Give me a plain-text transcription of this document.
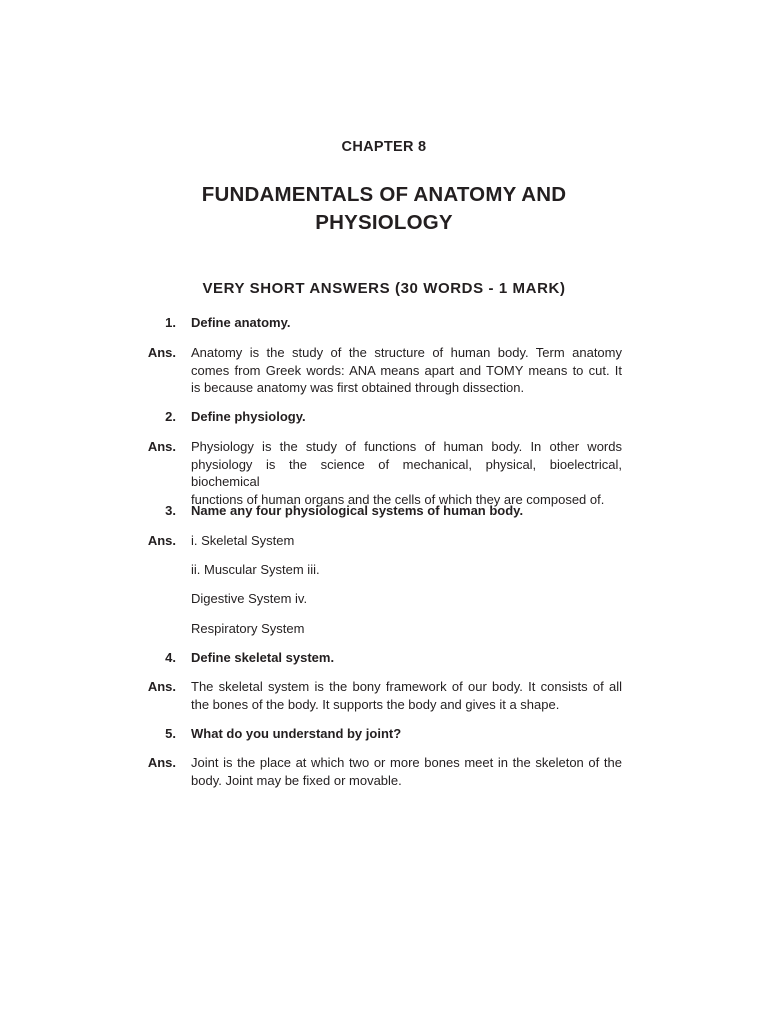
CHAPTER 8
FUNDAMENTALS OF ANATOMY AND
PHYSIOLOGY
VERY SHORT ANSWERS (30 WORDS - 1 MARK)
1. Define anatomy.
Ans. Anatomy is the study of the structure of human body. Term anatomy
comes from Greek words: ANA means apart and TOMY means to cut. It
is because anatomy was first obtained through dissection.
2. Define physiology.
Ans. Physiology is the study of functions of human body. In other words
physiology is the science of mechanical, physical, bioelectrical, biochemical
functions of human organs and the cells of which they are composed of.
3. Name any four physiological systems of human body.
Ans. i. Skeletal System
ii. Muscular System iii.
Digestive System iv.
Respiratory System
4. Define skeletal system.
Ans. The skeletal system is the bony framework of our body. It consists of all
the bones of the body. It supports the body and gives it a shape.
5. What do you understand by joint?
Ans. Joint is the place at which two or more bones meet in the skeleton of the
body. Joint may be fixed or movable.
